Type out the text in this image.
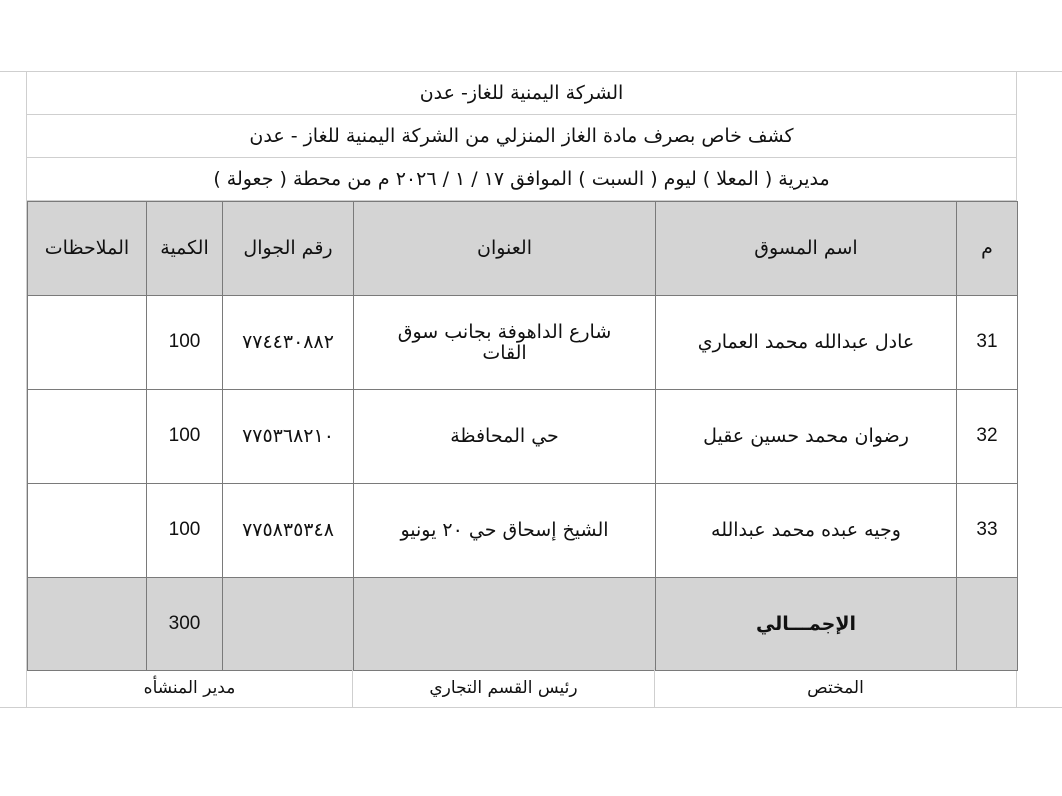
الشركة اليمنية للغاز- عدن
كشف خاص بصرف مادة الغاز المنزلي من الشركة اليمنية للغاز - عدن
مديرية ( المعلا ) ليوم ( السبت ) الموافق ١٧ / ١ / ٢٠٢٦ م من محطة ( جعولة )
م	اسم المسوق	العنوان	رقم الجوال	الكمية	الملاحظات
31	عادل عبدالله محمد العماري	شارع الداهوفة بجانب سوق القات	٧٧٤٤٣٠٨٨٢	100	
32	رضوان محمد حسين عقيل	حي المحافظة	٧٧٥٣٦٨٢١٠	100	
33	وجيه عبده محمد عبدالله	الشيخ إسحاق حي ٢٠ يونيو	٧٧٥٨٣٥٣٤٨	100	
	الإجمـــالي			300	
المختص
رئيس القسم التجاري
مدير المنشأه
